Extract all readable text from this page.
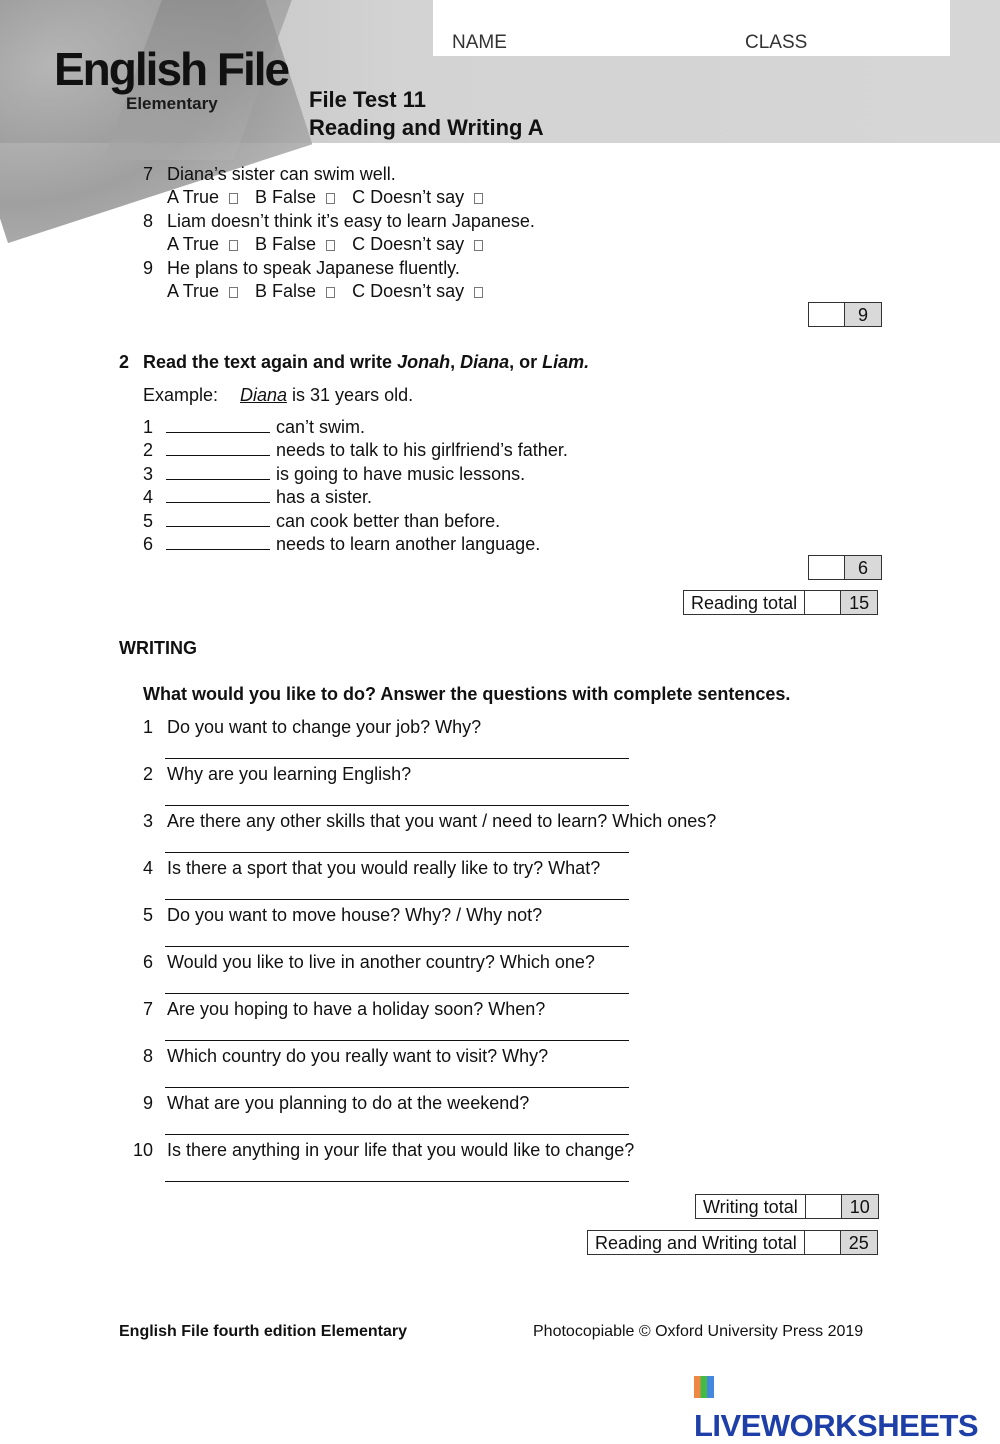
English File
Elementary
NAME	CLASS
File Test 11
Reading and Writing A
7 Diana’s sister can swim well.
A True B False C Doesn’t say
8 Liam doesn’t think it’s easy to learn Japanese.
A True B False C Doesn’t say
9 He plans to speak Japanese fluently.
A True B False C Doesn’t say
9
2 Read the text again and write Jonah, Diana, or Liam.
Example: Diana is 31 years old.
1	can’t swim.
2	needs to talk to his girlfriend’s father.
3	is going to have music lessons.
4	has a sister.
5	can cook better than before.
6	needs to learn another language.
6
Reading total	15
WRITING
What would you like to do? Answer the questions with complete sentences.
1 Do you want to change your job? Why?
2 Why are you learning English?
3 Are there any other skills that you want / need to learn? Which ones?
4 Is there a sport that you would really like to try? What?
5 Do you want to move house? Why? / Why not?
6 Would you like to live in another country? Which one?
7 Are you hoping to have a holiday soon? When?
8 Which country do you really want to visit? Why?
9 What are you planning to do at the weekend?
10 Is there anything in your life that you would like to change?
Writing total	10
Reading and Writing total	25
English File fourth edition Elementary	Photocopiable © Oxford University Press 2019
LIVEWORKSHEETS
